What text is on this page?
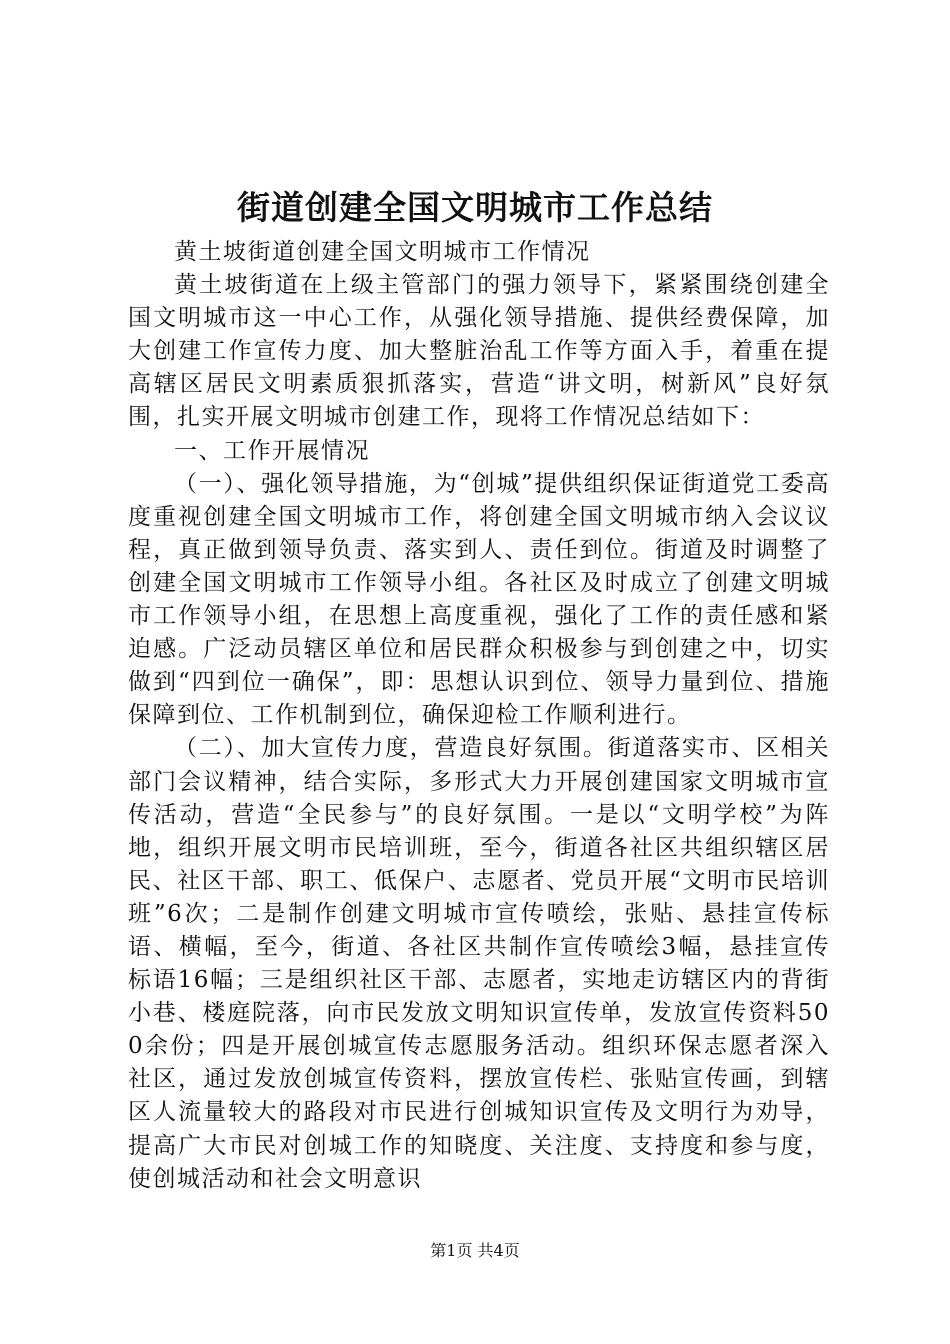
街道创建全国文明城市工作总结

黄土坡街道创建全国文明城市工作情况

黄土坡街道在上级主管部门的强力领导下，紧紧围绕创建全国文明城市这一中心工作，从强化领导措施、提供经费保障，加大创建工作宣传力度、加大整脏治乱工作等方面入手，着重在提高辖区居民文明素质狠抓落实，营造“讲文明，树新风”良好氛围，扎实开展文明城市创建工作，现将工作情况总结如下：

一、工作开展情况

（一）、强化领导措施，为“创城”提供组织保证街道党工委高度重视创建全国文明城市工作，将创建全国文明城市纳入会议议程，真正做到领导负责、落实到人、责任到位。街道及时调整了创建全国文明城市工作领导小组。各社区及时成立了创建文明城市工作领导小组，在思想上高度重视，强化了工作的责任感和紧迫感。广泛动员辖区单位和居民群众积极参与到创建之中，切实做到“四到位一确保”，即：思想认识到位、领导力量到位、措施保障到位、工作机制到位，确保迎检工作顺利进行。

（二）、加大宣传力度，营造良好氛围。街道落实市、区相关部门会议精神，结合实际，多形式大力开展创建国家文明城市宣传活动，营造“全民参与”的良好氛围。一是以“文明学校”为阵地，组织开展文明市民培训班，至今，街道各社区共组织辖区居民、社区干部、职工、低保户、志愿者、党员开展“文明市民培训班”6次；二是制作创建文明城市宣传喷绘，张贴、悬挂宣传标语、横幅，至今，街道、各社区共制作宣传喷绘3幅，悬挂宣传标语16幅；三是组织社区干部、志愿者，实地走访辖区内的背街小巷、楼庭院落，向市民发放文明知识宣传单，发放宣传资料500余份；四是开展创城宣传志愿服务活动。组织环保志愿者深入社区，通过发放创城宣传资料，摆放宣传栏、张贴宣传画，到辖区人流量较大的路段对市民进行创城知识宣传及文明行为劝导，提高广大市民对创城工作的知晓度、关注度、支持度和参与度，使创城活动和社会文明意识

第1页 共4页
